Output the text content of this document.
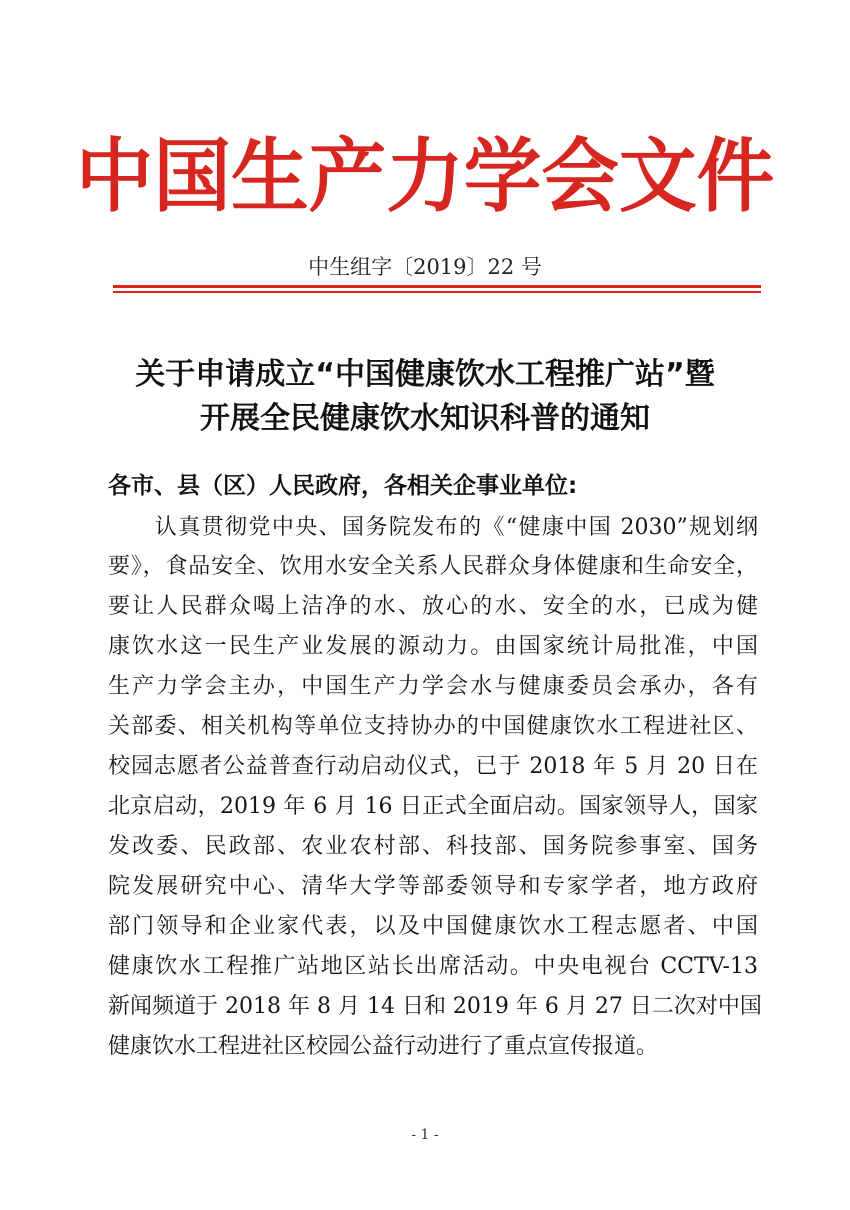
中国生产力学会文件
中生组字〔2019〕22 号
关于申请成立“中国健康饮水工程推广站”暨
开展全民健康饮水知识科普的通知
各市、县（区）人民政府，各相关企事业单位:
　　认真贯彻党中央、国务院发布的《“健康中国 2030”规划纲
要》，食品安全、饮用水安全关系人民群众身体健康和生命安全，
要让人民群众喝上洁净的水、放心的水、安全的水，已成为健
康饮水这一民生产业发展的源动力。由国家统计局批准，中国
生产力学会主办，中国生产力学会水与健康委员会承办，各有
关部委、相关机构等单位支持协办的中国健康饮水工程进社区、
校园志愿者公益普查行动启动仪式，已于 2018 年 5 月 20 日在
北京启动，2019 年 6 月 16 日正式全面启动。国家领导人，国家
发改委、民政部、农业农村部、科技部、国务院参事室、国务
院发展研究中心、清华大学等部委领导和专家学者，地方政府
部门领导和企业家代表，以及中国健康饮水工程志愿者、中国
健康饮水工程推广站地区站长出席活动。中央电视台 CCTV-13
新闻频道于 2018 年 8 月 14 日和 2019 年 6 月 27 日二次对中国
健康饮水工程进社区校园公益行动进行了重点宣传报道。
- 1 -
